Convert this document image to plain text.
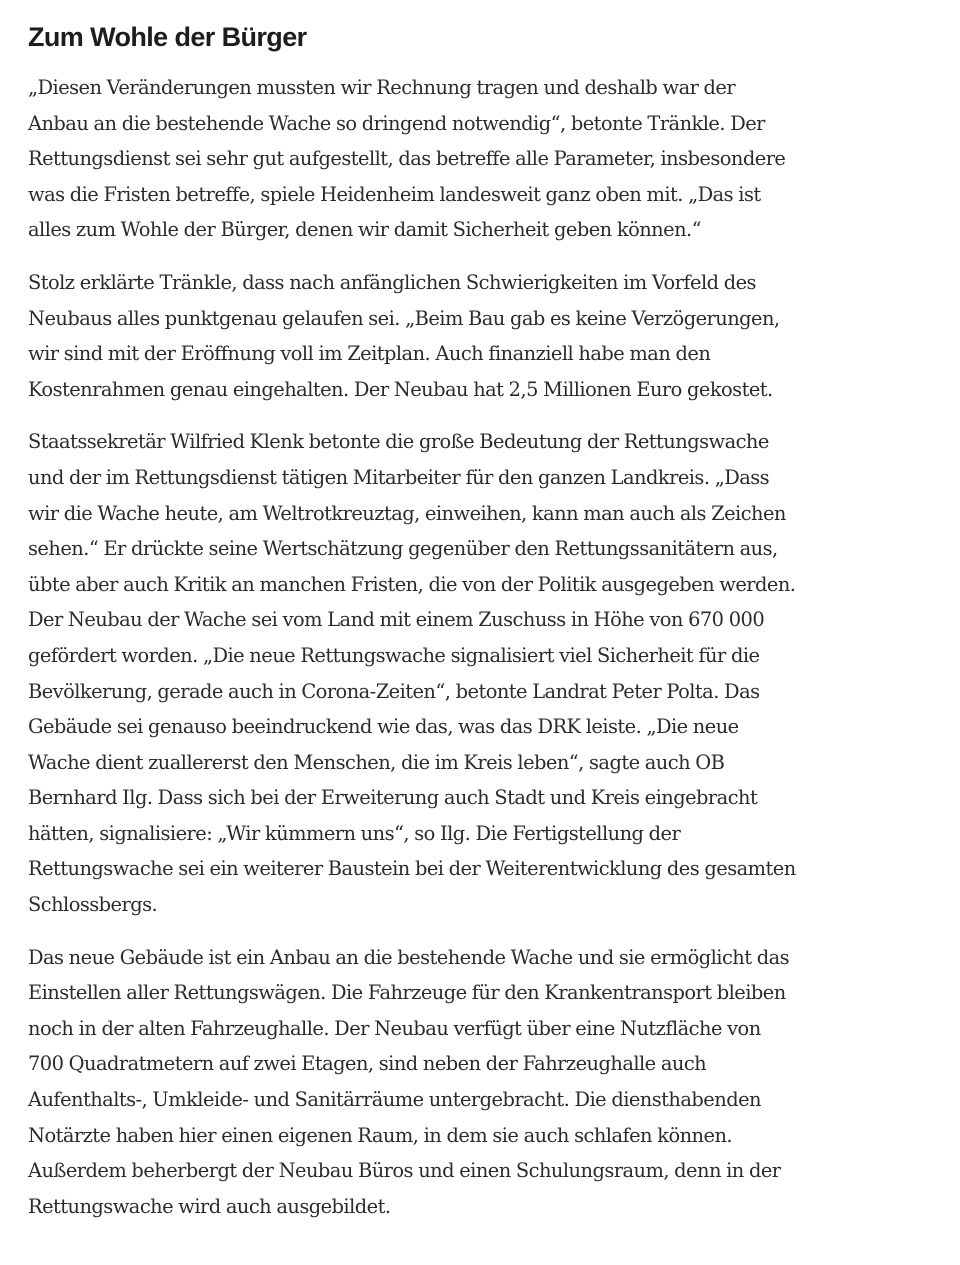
Zum Wohle der Bürger

„Diesen Veränderungen mussten wir Rechnung tragen und deshalb war der
Anbau an die bestehende Wache so dringend notwendig“, betonte Tränkle. Der
Rettungsdienst sei sehr gut aufgestellt, das betreffe alle Parameter, insbesondere
was die Fristen betreffe, spiele Heidenheim landesweit ganz oben mit. „Das ist
alles zum Wohle der Bürger, denen wir damit Sicherheit geben können.“

Stolz erklärte Tränkle, dass nach anfänglichen Schwierigkeiten im Vorfeld des
Neubaus alles punktgenau gelaufen sei. „Beim Bau gab es keine Verzögerungen,
wir sind mit der Eröffnung voll im Zeitplan. Auch finanziell habe man den
Kostenrahmen genau eingehalten. Der Neubau hat 2,5 Millionen Euro gekostet.

Staatssekretär Wilfried Klenk betonte die große Bedeutung der Rettungswache
und der im Rettungsdienst tätigen Mitarbeiter für den ganzen Landkreis. „Dass
wir die Wache heute, am Weltrotkreuztag, einweihen, kann man auch als Zeichen
sehen.“ Er drückte seine Wertschätzung gegenüber den Rettungssanitätern aus,
übte aber auch Kritik an manchen Fristen, die von der Politik ausgegeben werden.
Der Neubau der Wache sei vom Land mit einem Zuschuss in Höhe von 670 000
gefördert worden. „Die neue Rettungswache signalisiert viel Sicherheit für die
Bevölkerung, gerade auch in Corona-Zeiten“, betonte Landrat Peter Polta. Das
Gebäude sei genauso beeindruckend wie das, was das DRK leiste. „Die neue
Wache dient zuallererst den Menschen, die im Kreis leben“, sagte auch OB
Bernhard Ilg. Dass sich bei der Erweiterung auch Stadt und Kreis eingebracht
hätten, signalisiere: „Wir kümmern uns“, so Ilg. Die Fertigstellung der
Rettungswache sei ein weiterer Baustein bei der Weiterentwicklung des gesamten
Schlossbergs.

Das neue Gebäude ist ein Anbau an die bestehende Wache und sie ermöglicht das
Einstellen aller Rettungswägen. Die Fahrzeuge für den Krankentransport bleiben
noch in der alten Fahrzeughalle. Der Neubau verfügt über eine Nutzfläche von
700 Quadratmetern auf zwei Etagen, sind neben der Fahrzeughalle auch
Aufenthalts-, Umkleide- und Sanitärräume untergebracht. Die diensthabenden
Notärzte haben hier einen eigenen Raum, in dem sie auch schlafen können.
Außerdem beherbergt der Neubau Büros und einen Schulungsraum, denn in der
Rettungswache wird auch ausgebildet.
